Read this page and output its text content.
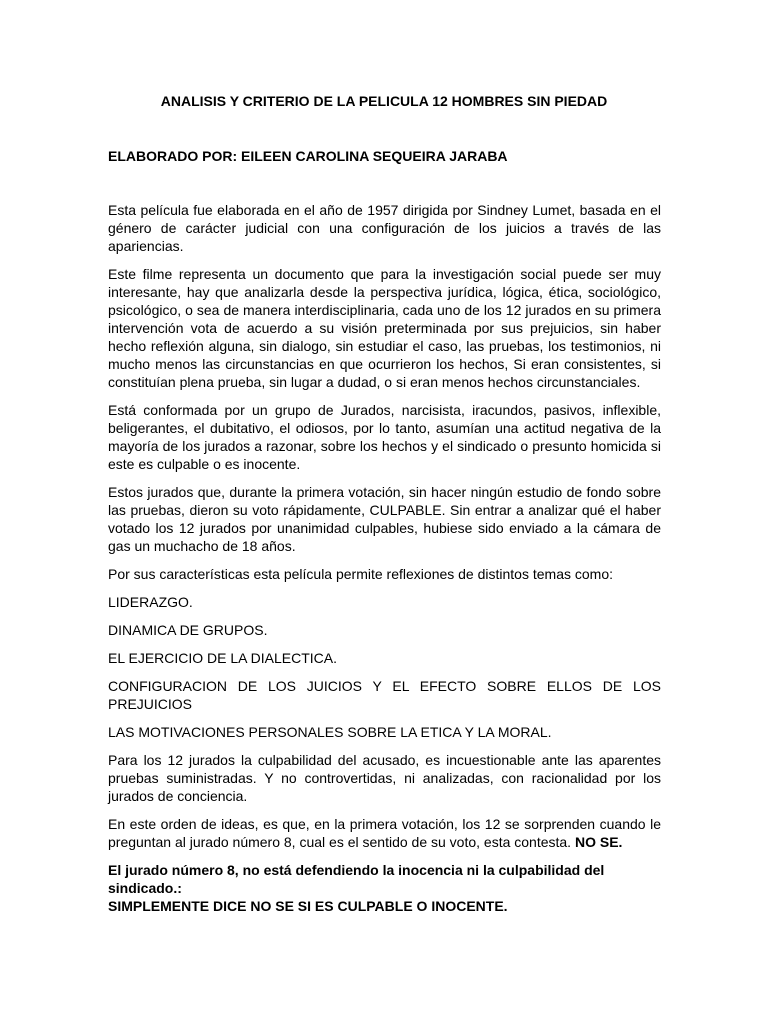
ANALISIS Y CRITERIO DE LA PELICULA 12 HOMBRES SIN PIEDAD
ELABORADO POR: EILEEN CAROLINA SEQUEIRA JARABA

Esta película fue elaborada en el año de 1957 dirigida por Sindney Lumet, basada en el género de carácter judicial con una configuración de los juicios a través de las apariencias.

Este filme representa un documento que para la investigación social puede ser muy interesante, hay que analizarla desde la perspectiva jurídica, lógica, ética, sociológico, psicológico, o sea de manera interdisciplinaria, cada uno de los 12 jurados en su primera intervención vota de acuerdo a su visión preterminada por sus prejuicios, sin haber hecho reflexión alguna, sin dialogo, sin estudiar el caso, las pruebas, los testimonios, ni mucho menos las circunstancias en que ocurrieron los hechos, Si eran consistentes, si constituían plena prueba, sin lugar a dudad, o si eran menos hechos circunstanciales.

Está conformada por un grupo de Jurados, narcisista, iracundos, pasivos, inflexible, beligerantes, el dubitativo, el odiosos, por lo tanto, asumían una actitud negativa de la mayoría de los jurados a razonar, sobre los hechos y el sindicado o presunto homicida si este es culpable o es inocente.

Estos jurados que, durante la primera votación, sin hacer ningún estudio de fondo sobre las pruebas, dieron su voto rápidamente, CULPABLE. Sin entrar a analizar qué el haber votado los 12 jurados por unanimidad culpables, hubiese sido enviado a la cámara de gas un muchacho de 18 años.

Por sus características esta película permite reflexiones de distintos temas como:

LIDERAZGO.

DINAMICA DE GRUPOS.

EL EJERCICIO DE LA DIALECTICA.

CONFIGURACION DE LOS JUICIOS Y EL EFECTO SOBRE ELLOS DE LOS PREJUICIOS

LAS MOTIVACIONES PERSONALES SOBRE LA ETICA Y LA MORAL.

Para los 12 jurados la culpabilidad del acusado, es incuestionable ante las aparentes pruebas suministradas. Y no controvertidas, ni analizadas, con racionalidad por los jurados de conciencia.

En este orden de ideas, es que, en la primera votación, los 12 se sorprenden cuando le preguntan al jurado número 8, cual es el sentido de su voto, esta contesta. NO SE.

El jurado número 8, no está defendiendo la inocencia ni la culpabilidad del sindicado.:
SIMPLEMENTE DICE NO SE SI ES CULPABLE O INOCENTE.
